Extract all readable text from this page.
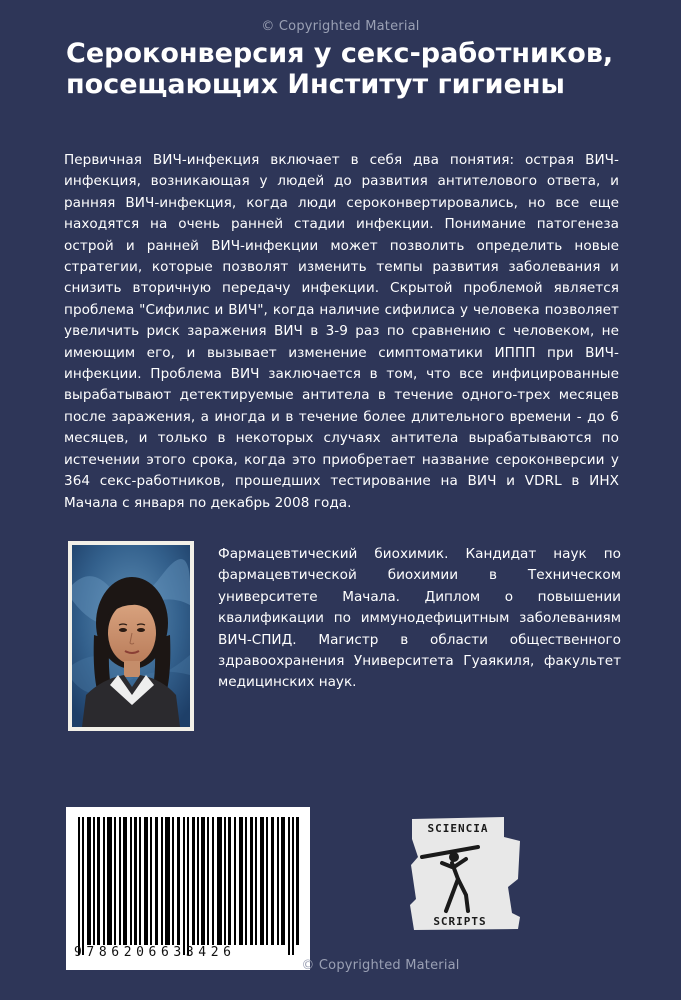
© Copyrighted Material
Сероконверсия у секс-работников, посещающих Институт гигиены

Первичная ВИЧ-инфекция включает в себя два понятия: острая ВИЧ-инфекция, возникающая у людей до развития антителового ответа, и ранняя ВИЧ-инфекция, когда люди сероконвертировались, но все еще находятся на очень ранней стадии инфекции. Понимание патогенеза острой и ранней ВИЧ-инфекции может позволить определить новые стратегии, которые позволят изменить темпы развития заболевания и снизить вторичную передачу инфекции. Скрытой проблемой является проблема "Сифилис и ВИЧ", когда наличие сифилиса у человека позволяет увеличить риск заражения ВИЧ в 3-9 раз по сравнению с человеком, не имеющим его, и вызывает изменение симптоматики ИППП при ВИЧ-инфекции. Проблема ВИЧ заключается в том, что все инфицированные вырабатывают детектируемые антитела в течение одного-трех месяцев после заражения, а иногда и в течение более длительного времени - до 6 месяцев, и только в некоторых случаях антитела вырабатываются по истечении этого срока, когда это приобретает название сероконверсии у 364 секс-работников, прошедших тестирование на ВИЧ и VDRL в ИНХ Мачала с января по декабрь 2008 года.

Фармацевтический биохимик. Кандидат наук по фармацевтической биохимии в Техническом университете Мачала. Диплом о повышении квалификации по иммунодефицитным заболеваниям ВИЧ-СПИД. Магистр в области общественного здравоохранения Университета Гуаякиля, факультет медицинских наук.

9786206633426
SCIENCIA
SCRIPTS
© Copyrighted Material
